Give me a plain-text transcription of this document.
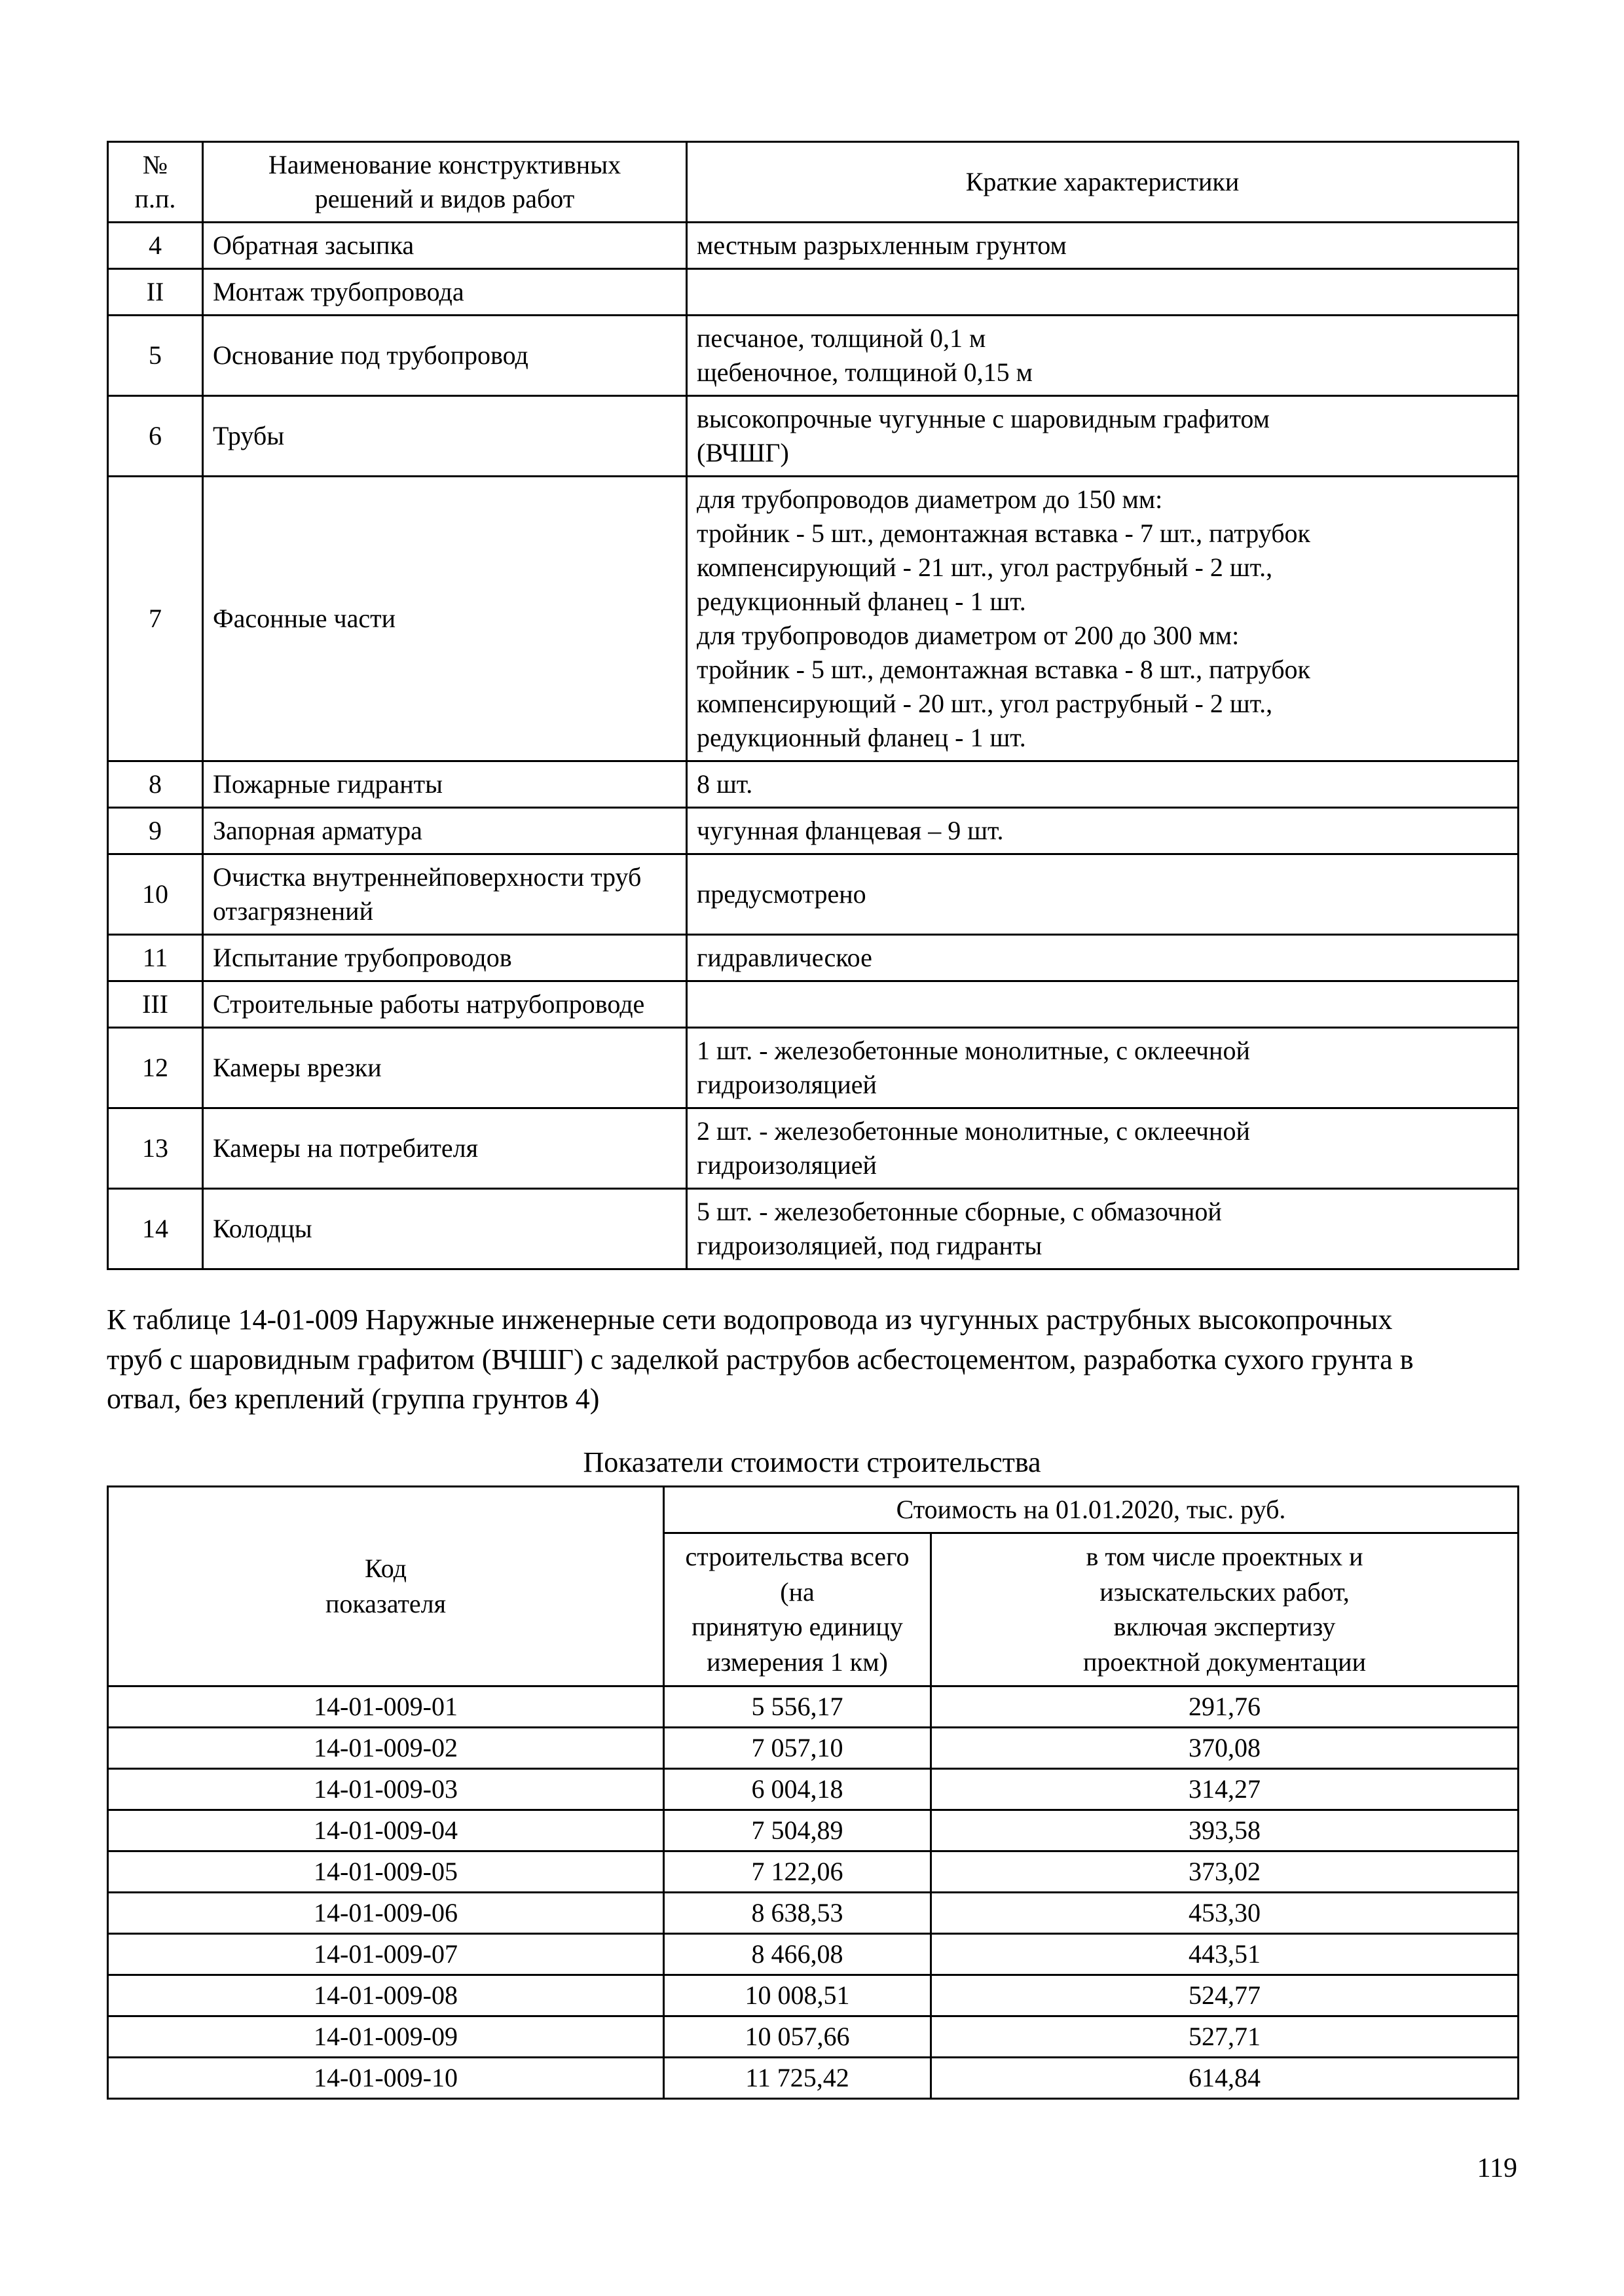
№
п.п.	Наименование конструктивных
решений и видов работ	Краткие характеристики
4	Обратная засыпка	местным разрыхленным грунтом

II	Монтаж трубопровода	
5	Основание под трубопровод	песчаное, толщиной 0,1 м
щебеночное, толщиной 0,15 м

6	Трубы	высокопрочные чугунные с шаровидным графитом
(ВЧШГ)

7	Фасонные части	
для трубопроводов диаметром до 150 мм:
тройник - 5 шт., демонтажная вставка - 7 шт., патрубок
компенсирующий - 21 шт., угол раструбный - 2 шт.,
редукционный фланец - 1 шт.
для трубопроводов диаметром от 200 до 300 мм:
тройник - 5 шт., демонтажная вставка - 8 шт., патрубок
компенсирующий - 20 шт., угол раструбный - 2 шт.,
редукционный фланец - 1 шт.

8	Пожарные гидранты	8 шт.

9	Запорная арматура	чугунная фланцевая – 9 шт.

10	Очистка внутреннейповерхности труб отзагрязнений	предусмотрено

11	Испытание трубопроводов	гидравлическое

III	Строительные работы натрубопроводе	
12	Камеры врезки	1 шт. - железобетонные монолитные, с оклеечной
гидроизоляцией

13	Камеры на потребителя	2 шт. - железобетонные монолитные, с оклеечной
гидроизоляцией

14	Колодцы	5 шт. - железобетонные сборные, с обмазочной
гидроизоляцией, под гидранты

К таблице 14-01-009 Наружные инженерные сети водопровода из чугунных раструбных высокопрочных труб с шаровидным графитом (ВЧШГ) с заделкой раструбов асбестоцементом, разработка сухого грунта в отвал, без креплений (группа грунтов 4)

Показатели стоимости строительства
Код
показателя	Стоимость на 01.01.2020, тыс. руб.	
	строительства всего (на
принятую единицу
измерения 1 км)	в том числе проектных и
изыскательских работ,
включая экспертизу
проектной документации
14-01-009-01	5 556,17	291,76
14-01-009-02	7 057,10	370,08
14-01-009-03	6 004,18	314,27
14-01-009-04	7 504,89	393,58
14-01-009-05	7 122,06	373,02
14-01-009-06	8 638,53	453,30
14-01-009-07	8 466,08	443,51
14-01-009-08	10 008,51	524,77
14-01-009-09	10 057,66	527,71
14-01-009-10	11 725,42	614,84
119
